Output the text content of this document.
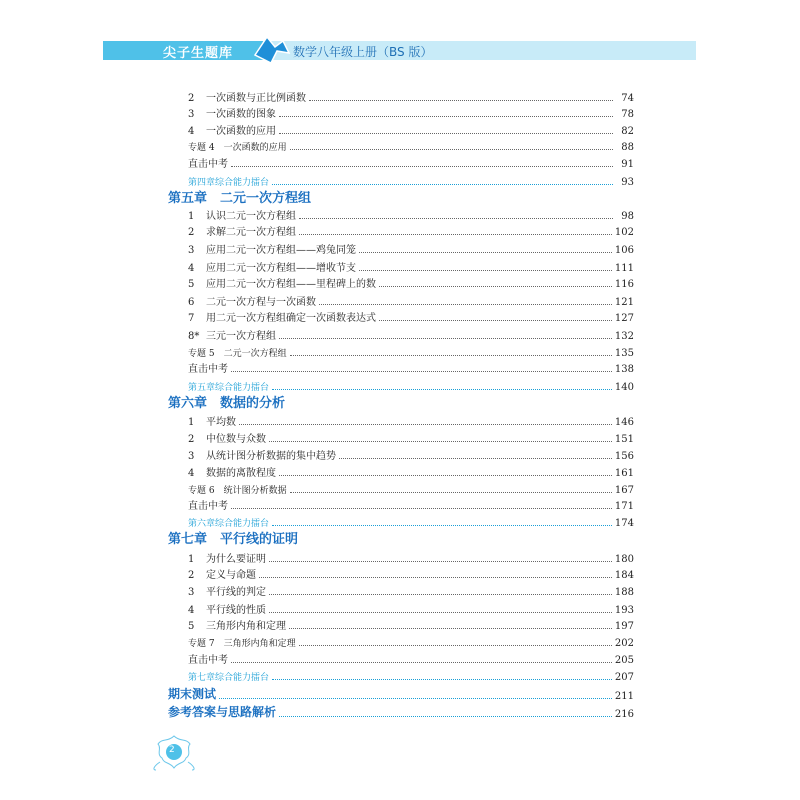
尖子生题库	数学八年级上册（BS 版）
2	一次函数与正比例函数	74
3	一次函数的图象	78
4	一次函数的应用	82
专题 4　一次函数的应用	88
直击中考	91
第四章综合能力擂台	93
第五章　二元一次方程组
1	认识二元一次方程组	98
2	求解二元一次方程组	102
3	应用二元一次方程组——鸡兔同笼	106
4	应用二元一次方程组——增收节支	111
5	应用二元一次方程组——里程碑上的数	116
6	二元一次方程与一次函数	121
7	用二元一次方程组确定一次函数表达式	127
8* 三元一次方程组	132
专题 5　二元一次方程组	135
直击中考	138
第五章综合能力擂台	140
第六章　数据的分析
1	平均数	146
2	中位数与众数	151
3	从统计图分析数据的集中趋势	156
4	数据的离散程度	161
专题 6　统计图分析数据	167
直击中考	171
第六章综合能力擂台	174
第七章　平行线的证明
1	为什么要证明	180
2	定义与命题	184
3	平行线的判定	188
4	平行线的性质	193
5	三角形内角和定理	197
专题 7　三角形内角和定理	202
直击中考	205
第七章综合能力擂台	207
期末测试	211
参考答案与思路解析	216
2
